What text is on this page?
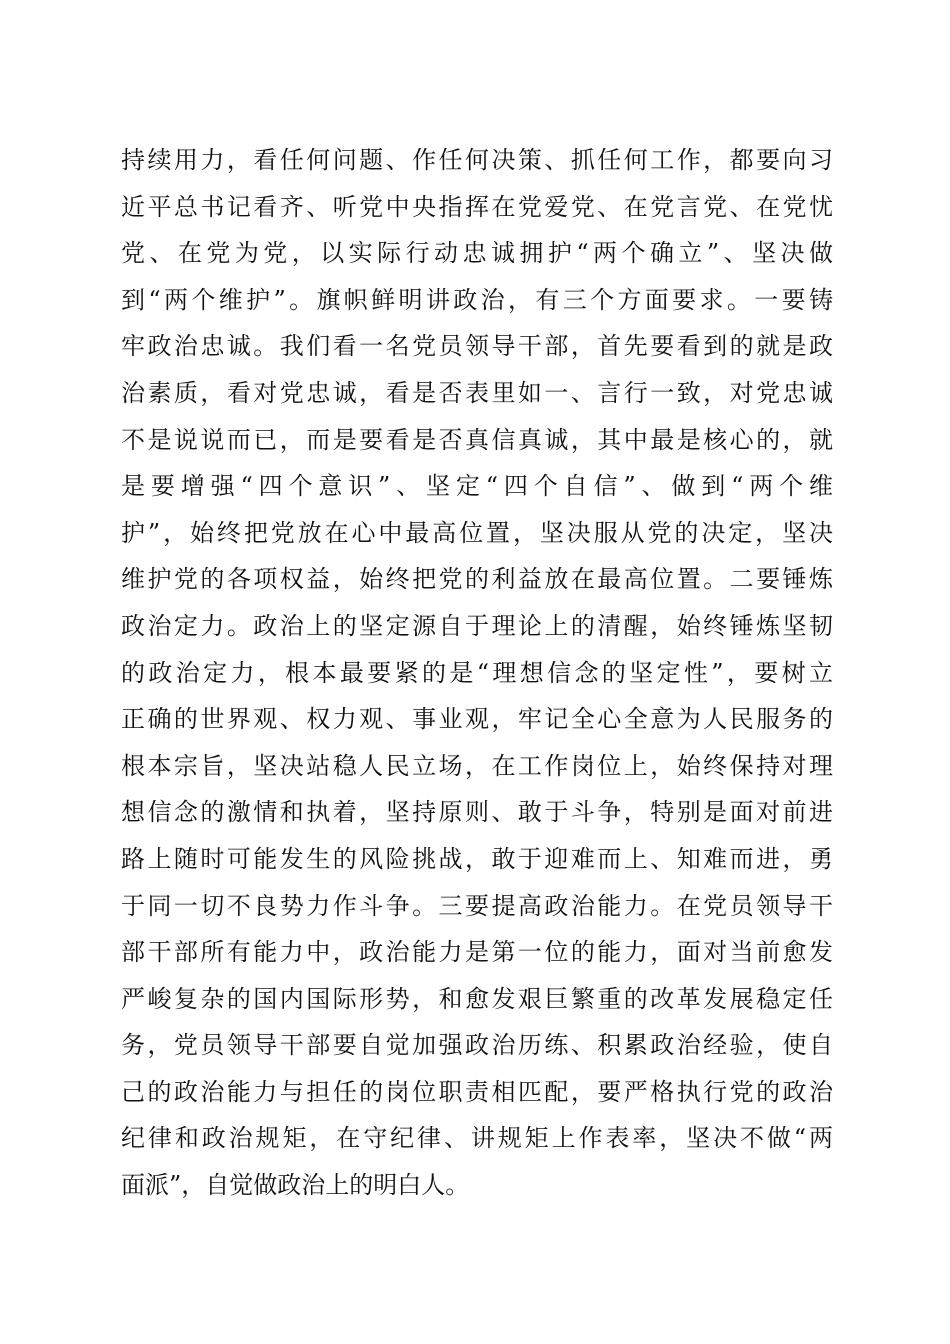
持续用力，看任何问题、作任何决策、抓任何工作，都要向习
近平总书记看齐、听党中央指挥在党爱党、在党言党、在党忧
党、在党为党，以实际行动忠诚拥护“两个确立”、坚决做
到“两个维护”。旗帜鲜明讲政治，有三个方面要求。一要铸
牢政治忠诚。我们看一名党员领导干部，首先要看到的就是政
治素质，看对党忠诚，看是否表里如一、言行一致，对党忠诚
不是说说而已，而是要看是否真信真诚，其中最是核心的，就
是要增强“四个意识”、坚定“四个自信”、做到“两个维
护”，始终把党放在心中最高位置，坚决服从党的决定，坚决
维护党的各项权益，始终把党的利益放在最高位置。二要锤炼
政治定力。政治上的坚定源自于理论上的清醒，始终锤炼坚韧
的政治定力，根本最要紧的是“理想信念的坚定性”，要树立
正确的世界观、权力观、事业观，牢记全心全意为人民服务的
根本宗旨，坚决站稳人民立场，在工作岗位上，始终保持对理
想信念的激情和执着，坚持原则、敢于斗争，特别是面对前进
路上随时可能发生的风险挑战，敢于迎难而上、知难而进，勇
于同一切不良势力作斗争。三要提高政治能力。在党员领导干
部干部所有能力中，政治能力是第一位的能力，面对当前愈发
严峻复杂的国内国际形势，和愈发艰巨繁重的改革发展稳定任
务，党员领导干部要自觉加强政治历练、积累政治经验，使自
己的政治能力与担任的岗位职责相匹配，要严格执行党的政治
纪律和政治规矩，在守纪律、讲规矩上作表率，坚决不做“两
面派”，自觉做政治上的明白人。
